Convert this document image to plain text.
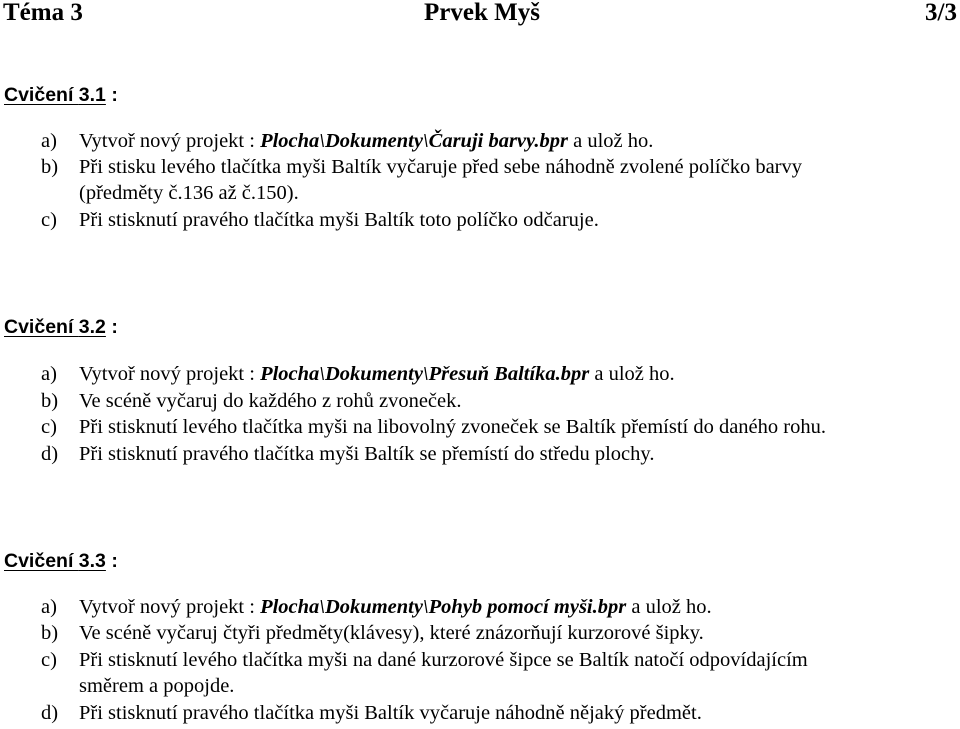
Téma 3	Prvek Myš	3/3
Cvičení 3.1 :
a) Vytvoř nový projekt : Plocha\Dokumenty\Čaruji barvy.bpr a ulož ho.
b) Při stisku levého tlačítka myši Baltík vyčaruje před sebe náhodně zvolené políčko barvy
(předměty č.136 až č.150).
c) Při stisknutí pravého tlačítka myši Baltík toto políčko odčaruje.
Cvičení 3.2 :
a) Vytvoř nový projekt : Plocha\Dokumenty\Přesuň Baltíka.bpr a ulož ho.
b) Ve scéně vyčaruj do každého z rohů zvoneček.
c) Při stisknutí levého tlačítka myši na libovolný zvoneček se Baltík přemístí do daného rohu.
d) Při stisknutí pravého tlačítka myši Baltík se přemístí do středu plochy.
Cvičení 3.3 :
a) Vytvoř nový projekt : Plocha\Dokumenty\Pohyb pomocí myši.bpr a ulož ho.
b) Ve scéně vyčaruj čtyři předměty(klávesy), které znázorňují kurzorové šipky.
c) Při stisknutí levého tlačítka myši na dané kurzorové šipce se Baltík natočí odpovídajícím
směrem a popojde.
d) Při stisknutí pravého tlačítka myši Baltík vyčaruje náhodně nějaký předmět.
